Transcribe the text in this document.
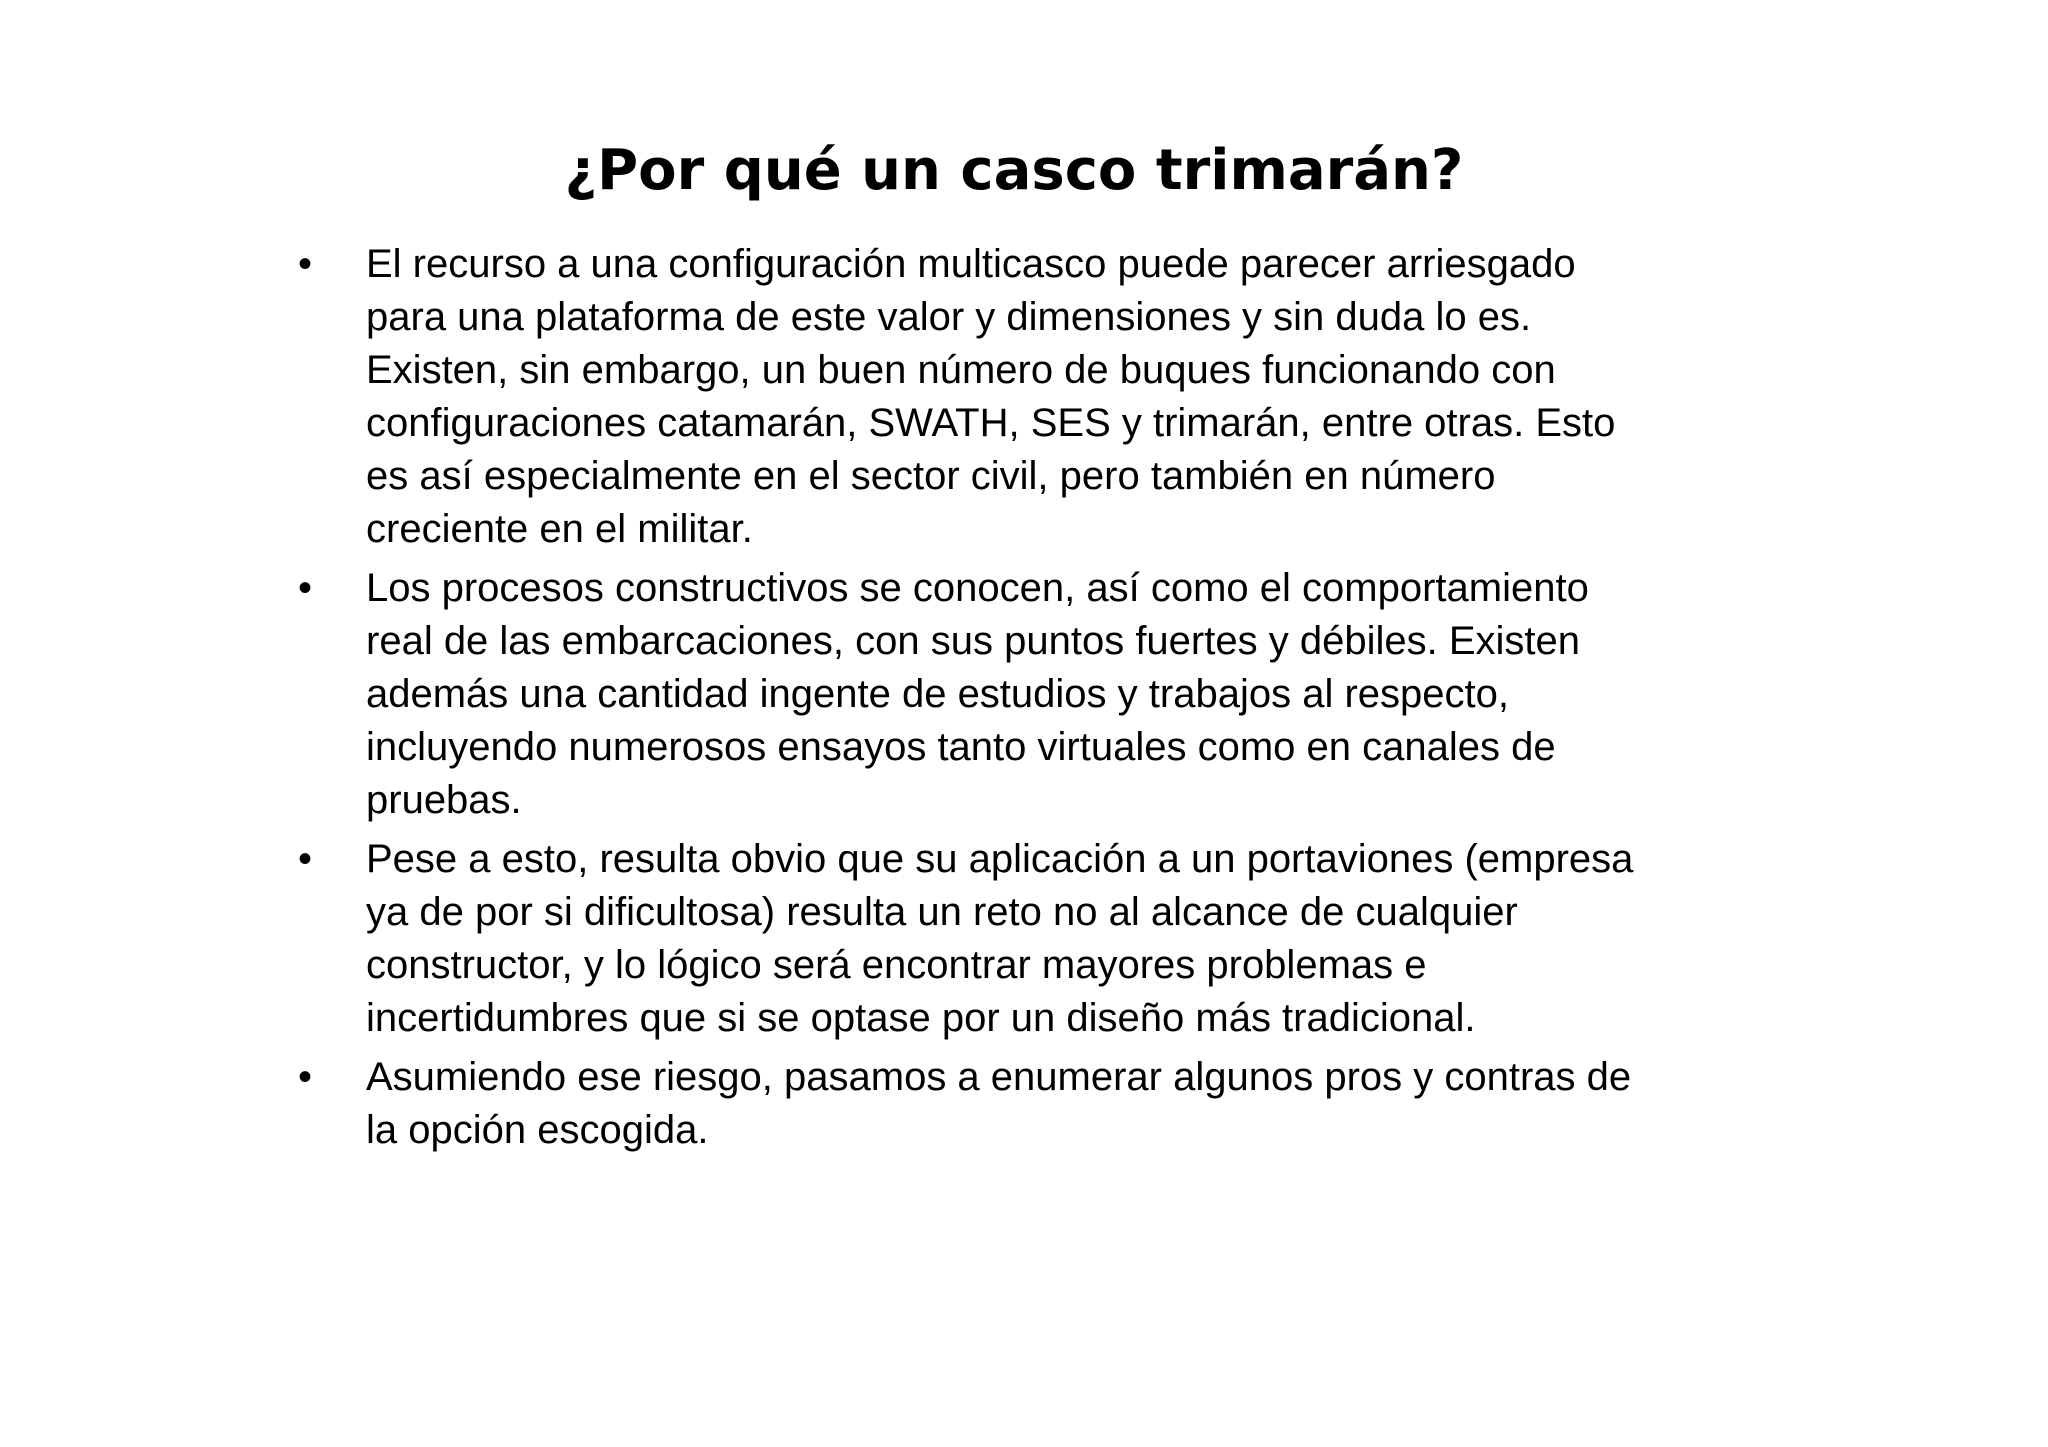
¿Por qué un casco trimarán?
• El recurso a una configuración multicasco puede parecer arriesgado
para una plataforma de este valor y dimensiones y sin duda lo es.
Existen, sin embargo, un buen número de buques funcionando con
configuraciones catamarán, SWATH, SES y trimarán, entre otras. Esto
es así especialmente en el sector civil, pero también en número
creciente en el militar.
• Los procesos constructivos se conocen, así como el comportamiento
real de las embarcaciones, con sus puntos fuertes y débiles. Existen
además una cantidad ingente de estudios y trabajos al respecto,
incluyendo numerosos ensayos tanto virtuales como en canales de
pruebas.
• Pese a esto, resulta obvio que su aplicación a un portaviones (empresa
ya de por si dificultosa) resulta un reto no al alcance de cualquier
constructor, y lo lógico será encontrar mayores problemas e
incertidumbres que si se optase por un diseño más tradicional.
• Asumiendo ese riesgo, pasamos a enumerar algunos pros y contras de
la opción escogida.
